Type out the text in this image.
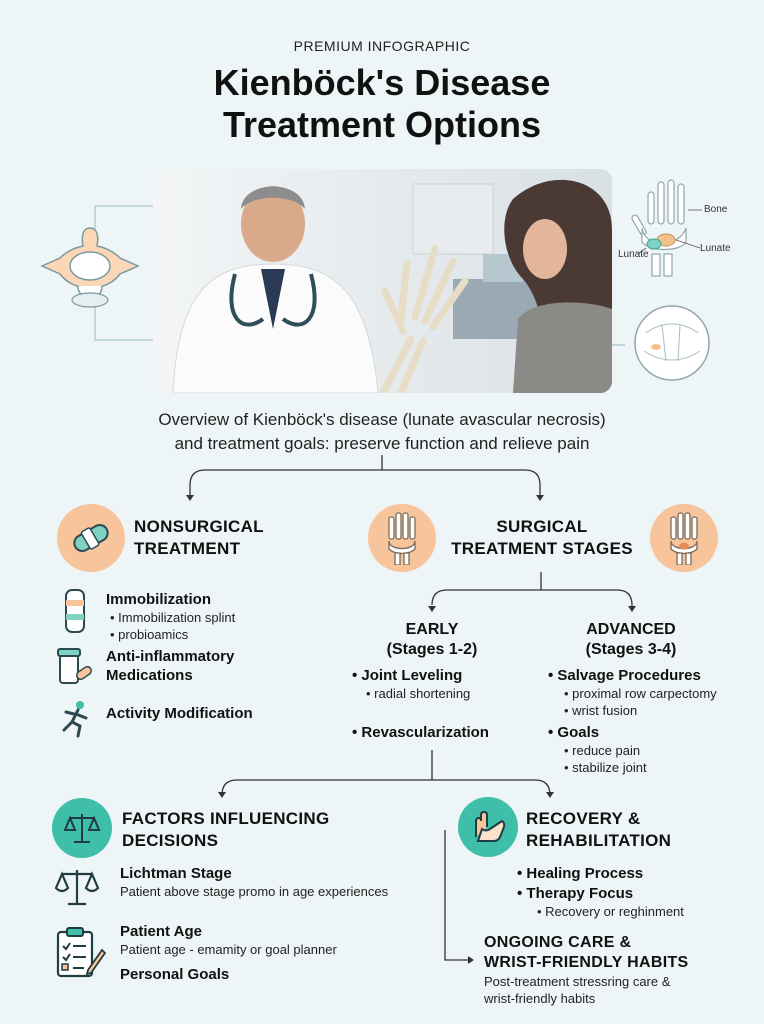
PREMIUM INFOGRAPHIC
Kienböck's Disease
Treatment Options
Bone
Lunate
Lunate
Overview of Kienböck's disease (lunate avascular necrosis)
and treatment goals: preserve function and relieve pain
NONSURGICAL
TREATMENT
Immobilization
• Immobilization splint
• probioamics
Anti-inflammatory
Medications
Activity Modification
SURGICAL
TREATMENT STAGES
EARLY
(Stages 1-2)
• Joint Leveling
• radial shortening
• Revascularization
ADVANCED
(Stages 3-4)
• Salvage Procedures
• proximal row carpectomy
• wrist fusion
• Goals
• reduce pain
• stabilize joint
FACTORS INFLUENCING
DECISIONS
Lichtman Stage
Patient above stage promo in age experiences
Patient Age
Patient age - emamity or goal planner
Personal Goals
RECOVERY &
REHABILITATION
• Healing Process
• Therapy Focus
• Recovery or reghinment
ONGOING CARE &
WRIST-FRIENDLY HABITS
Post-treatment stressring care &
wrist-friendly habits
